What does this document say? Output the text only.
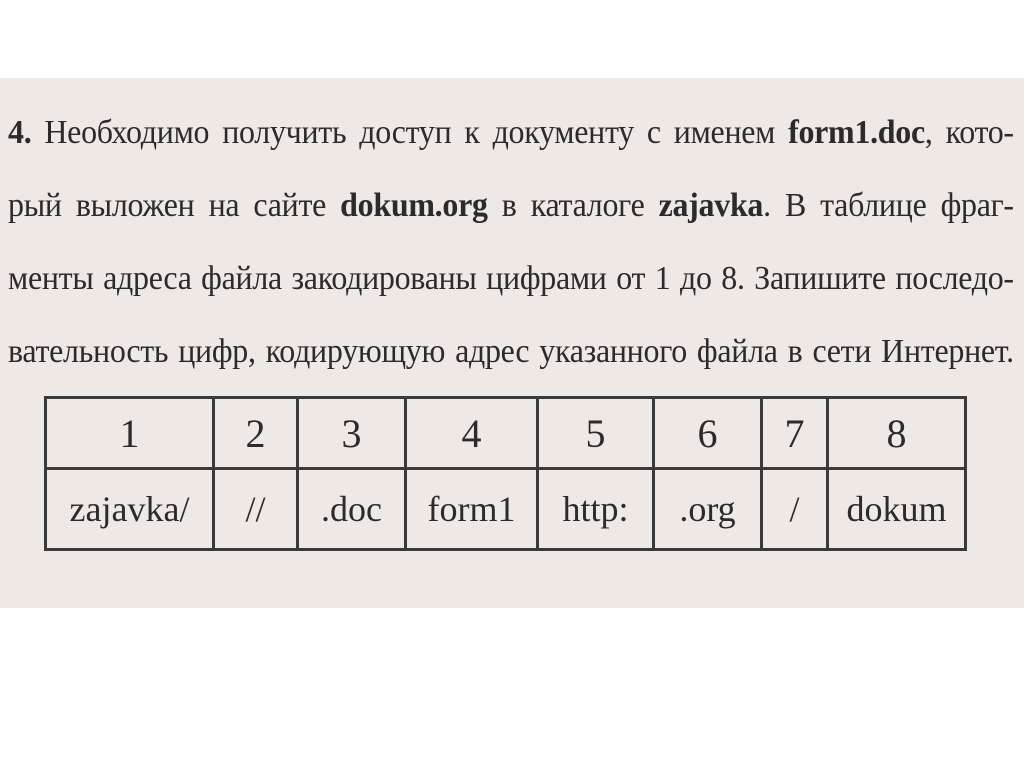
4. Необходимо получить доступ к документу с именем form1.doc, кото-
рый выложен на сайте dokum.org в каталоге zajavka. В таблице фраг-
менты адреса файла закодированы цифрами от 1 до 8. Запишите последо-
вательность цифр, кодирующую адрес указанного файла в сети Интернет.
1	2	3	4	5	6	7	8
zajavka/	//	.doc	form1	http:	.org	/	dokum
